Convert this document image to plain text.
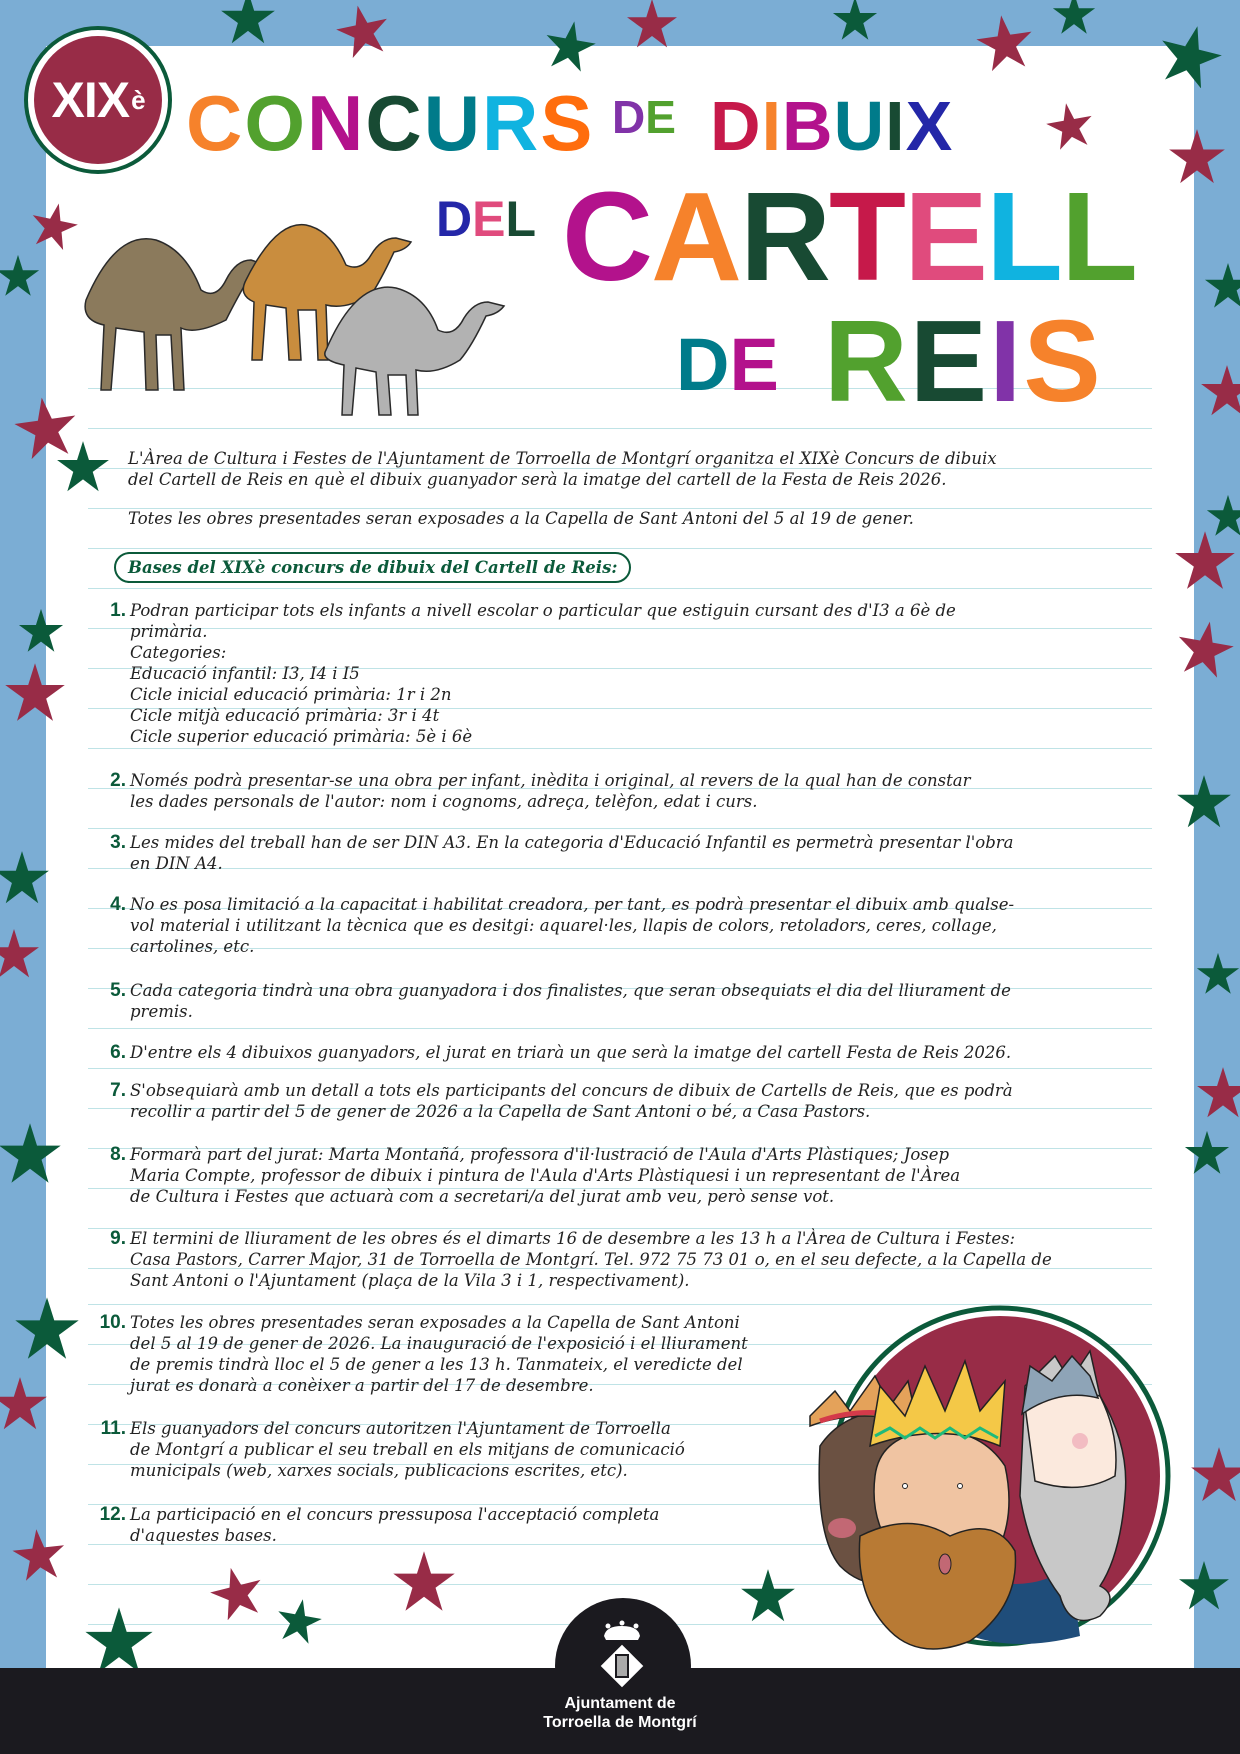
XIX è CONCURS DE DIBUIX
DEL CARTELL
DE REIS
L'Àrea de Cultura i Festes de l'Ajuntament de Torroella de Montgrí organitza el XIXè Concurs de dibuix
del Cartell de Reis en què el dibuix guanyador serà la imatge del cartell de la Festa de Reis 2026.
Totes les obres presentades seran exposades a la Capella de Sant Antoni del 5 al 19 de gener.
Bases del XIXè concurs de dibuix del Cartell de Reis:
1. Podran participar tots els infants a nivell escolar o particular que estiguin cursant des d'I3 a 6è de
primària.
Categories:
Educació infantil: I3, I4 i I5
Cicle inicial educació primària: 1r i 2n
Cicle mitjà educació primària: 3r i 4t
Cicle superior educació primària: 5è i 6è
2. Només podrà presentar-se una obra per infant, inèdita i original, al revers de la qual han de constar
les dades personals de l'autor: nom i cognoms, adreça, telèfon, edat i curs.
3. Les mides del treball han de ser DIN A3. En la categoria d'Educació Infantil es permetrà presentar l'obra
en DIN A4.
4. No es posa limitació a la capacitat i habilitat creadora, per tant, es podrà presentar el dibuix amb qualse-
vol material i utilitzant la tècnica que es desitgi: aquarel·les, llapis de colors, retoladors, ceres, collage,
cartolines, etc.
5. Cada categoria tindrà una obra guanyadora i dos finalistes, que seran obsequiats el dia del lliurament de
premis.
6. D'entre els 4 dibuixos guanyadors, el jurat en triarà un que serà la imatge del cartell Festa de Reis 2026.
7. S'obsequiarà amb un detall a tots els participants del concurs de dibuix de Cartells de Reis, que es podrà
recollir a partir del 5 de gener de 2026 a la Capella de Sant Antoni o bé, a Casa Pastors.
8. Formarà part del jurat: Marta Montañá, professora d'il·lustració de l'Aula d'Arts Plàstiques; Josep
Maria Compte, professor de dibuix i pintura de l'Aula d'Arts Plàstiquesi i un representant de l'Àrea
de Cultura i Festes que actuarà com a secretari/a del jurat amb veu, però sense vot.
9. El termini de lliurament de les obres és el dimarts 16 de desembre a les 13 h a l'Àrea de Cultura i Festes:
Casa Pastors, Carrer Major, 31 de Torroella de Montgrí. Tel. 972 75 73 01 o, en el seu defecte, a la Capella de
Sant Antoni o l'Ajuntament (plaça de la Vila 3 i 1, respectivament).
10. Totes les obres presentades seran exposades a la Capella de Sant Antoni
del 5 al 19 de gener de 2026. La inauguració de l'exposició i el lliurament
de premis tindrà lloc el 5 de gener a les 13 h. Tanmateix, el veredicte del
jurat es donarà a conèixer a partir del 17 de desembre.
11. Els guanyadors del concurs autoritzen l'Ajuntament de Torroella
de Montgrí a publicar el seu treball en els mitjans de comunicació
municipals (web, xarxes socials, publicacions escrites, etc).
12. La participació en el concurs pressuposa l'acceptació completa
d'aquestes bases.
Ajuntament de
Torroella de Montgrí
